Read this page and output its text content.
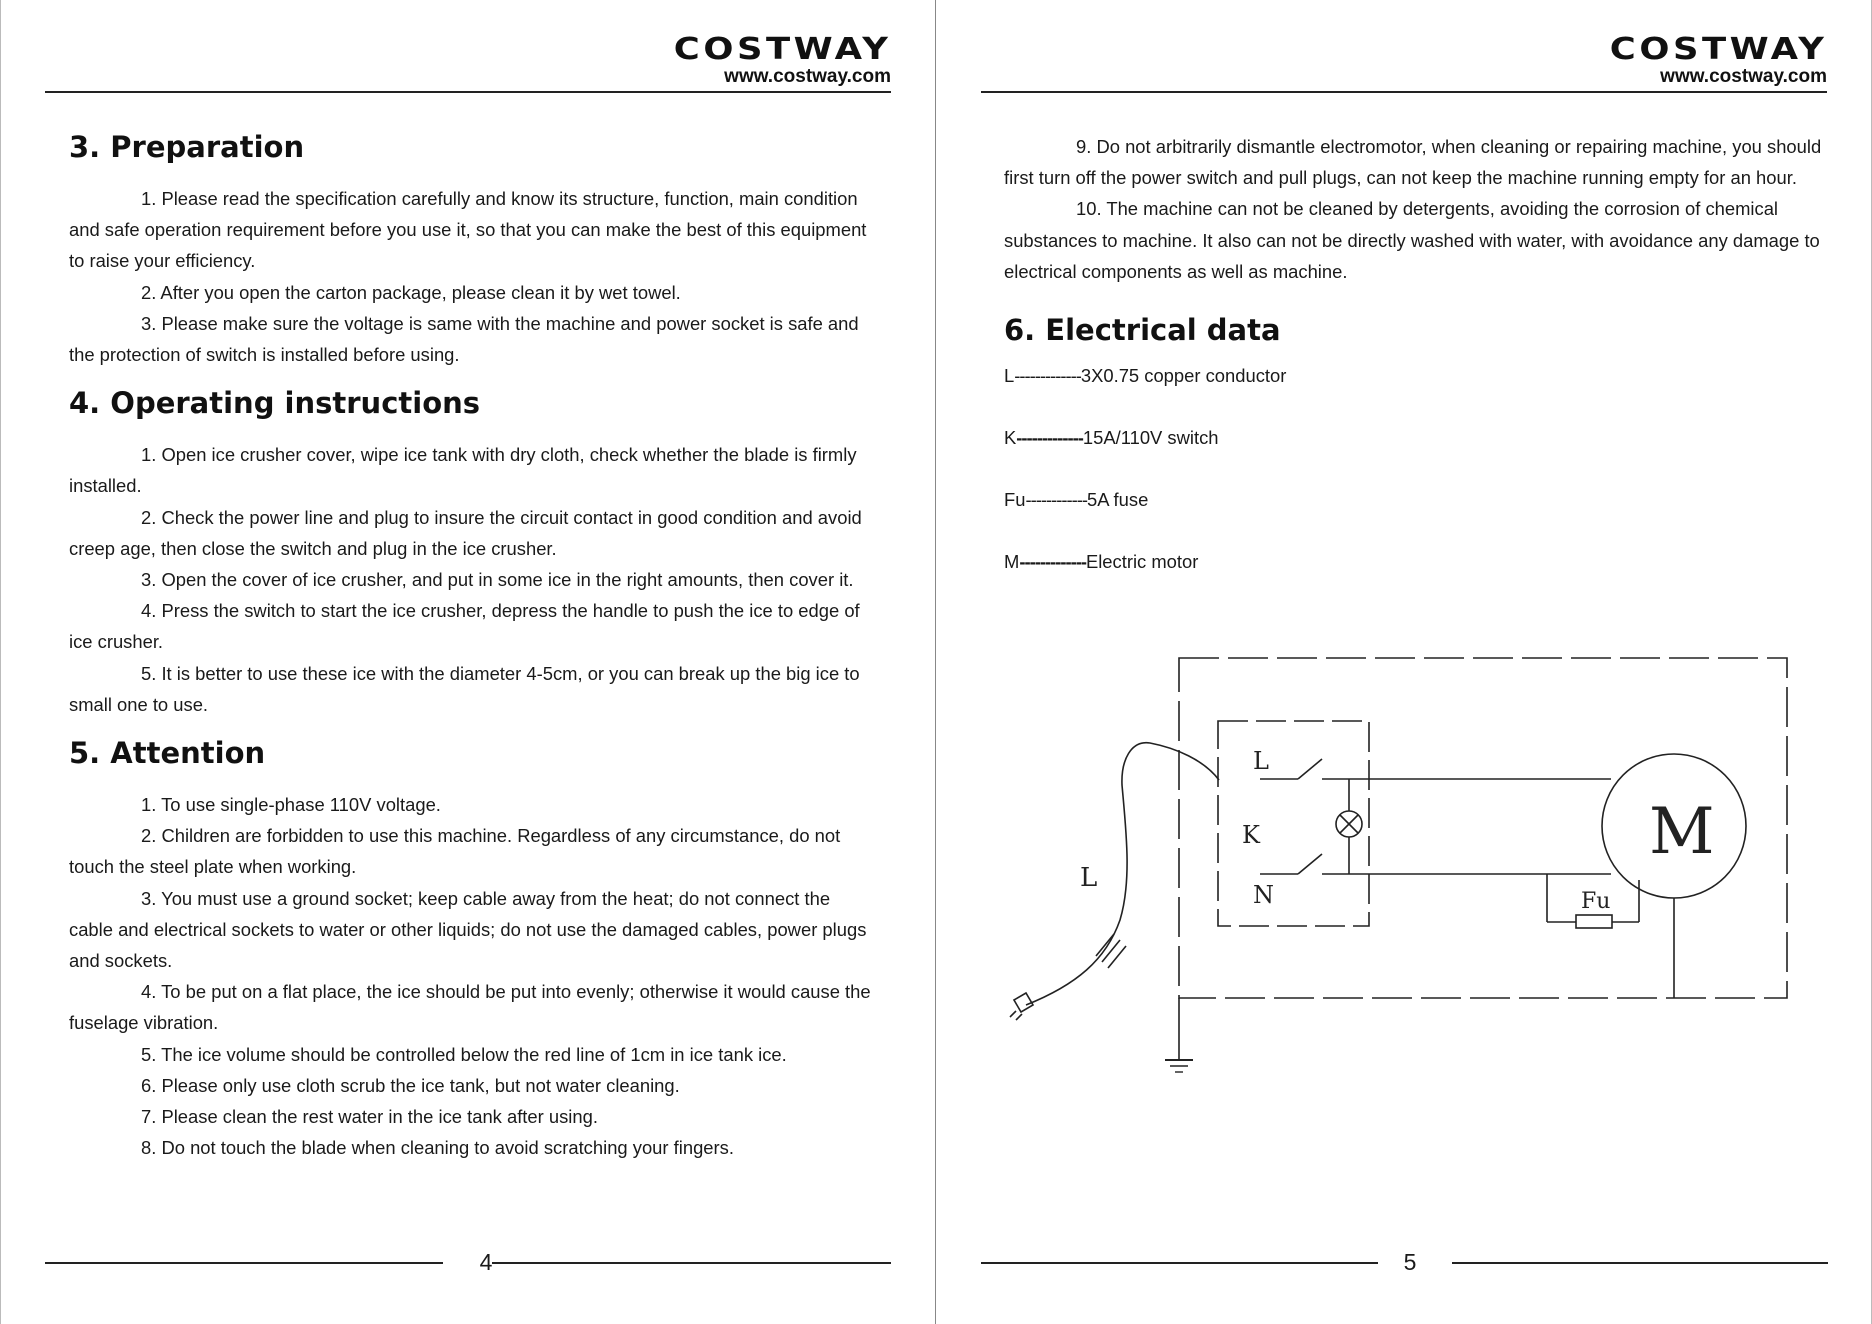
COSTWAY
www.costway.com
3. Preparation

1. Please read the specification carefully and know its structure, function, main condition and safe operation requirement before you use it, so that you can make the best of this equipment to raise your efficiency.

2. After you open the carton package, please clean it by wet towel.

3. Please make sure the voltage is same with the machine and power socket is safe and the protection of switch is installed before using.

4. Operating instructions

1. Open ice crusher cover, wipe ice tank with dry cloth, check whether the blade is firmly installed.

2. Check the power line and plug to insure the circuit contact in good condition and avoid creep age, then close the switch and plug in the ice crusher.

3. Open the cover of ice crusher, and put in some ice in the right amounts, then cover it.

4. Press the switch to start the ice crusher, depress the handle to push the ice to edge of ice crusher.

5. It is better to use these ice with the diameter 4-5cm, or you can break up the big ice to small one to use.

5. Attention

1. To use single-phase 110V voltage.

2. Children are forbidden to use this machine. Regardless of any circumstance, do not touch the steel plate when working.

3. You must use a ground socket; keep cable away from the heat; do not connect the cable and electrical sockets to water or other liquids; do not use the damaged cables, power plugs and sockets.

4. To be put on a flat place, the ice should be put into evenly; otherwise it would cause the fuselage vibration.

5. The ice volume should be controlled below the red line of 1cm in ice tank ice.

6. Please only use cloth scrub the ice tank, but not water cleaning.

7. Please clean the rest water in the ice tank after using.

8. Do not touch the blade when cleaning to avoid scratching your fingers.

4
COSTWAY
www.costway.com

9. Do not arbitrarily dismantle electromotor, when cleaning or repairing machine, you should first turn off the power switch and pull plugs, can not keep the machine running empty for an hour.

10. The machine can not be cleaned by detergents, avoiding the corrosion of chemical substances to machine. It also can not be directly washed with water, with avoidance any damage to electrical components as well as machine.

6. Electrical data
L-------------3X0.75 copper conductor
K-------------15A/110V switch
Fu------------5A fuse
M-------------Electric motor
L
L
K
N	Fu
M
5
